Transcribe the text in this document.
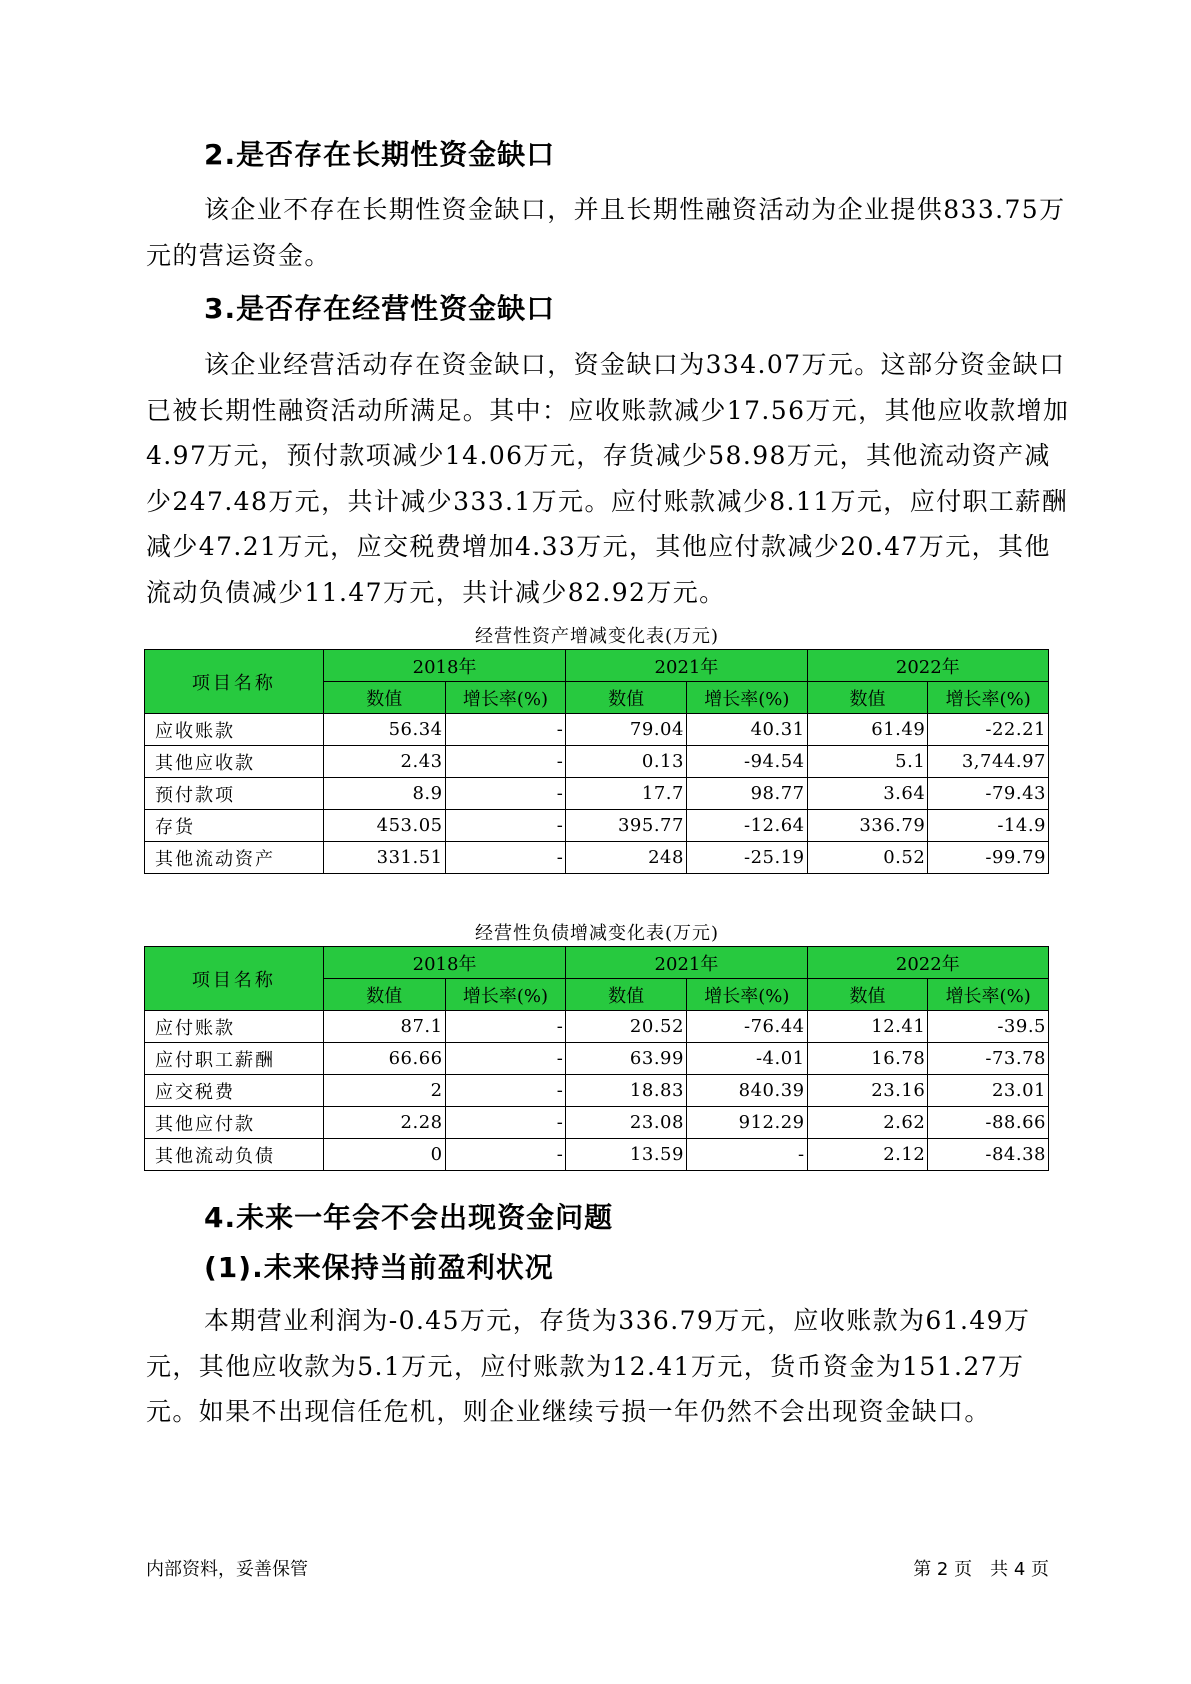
2.是否存在长期性资金缺口

该企业不存在长期性资金缺口，并且长期性融资活动为企业提供833.75万元的营运资金。

3.是否存在经营性资金缺口

该企业经营活动存在资金缺口，资金缺口为334.07万元。这部分资金缺口已被长期性融资活动所满足。其中：应收账款减少17.56万元，其他应收款增加4.97万元，预付款项减少14.06万元，存货减少58.98万元，其他流动资产减少247.48万元，共计减少333.1万元。应付账款减少8.11万元，应付职工薪酬减少47.21万元，应交税费增加4.33万元，其他应付款减少20.47万元，其他流动负债减少11.47万元，共计减少82.92万元。

经营性资产增减变化表(万元)
项目名称	2018年		2021年		2022年	
	数值	增长率(%)	数值	增长率(%)	数值	增长率(%)
应收账款	56.34	-	79.04	40.31	61.49	-22.21
其他应收款	2.43	-	0.13	-94.54	5.1	3,744.97
预付款项	8.9	-	17.7	98.77	3.64	-79.43
存货	453.05	-	395.77	-12.64	336.79	-14.9
其他流动资产	331.51	-	248	-25.19	0.52	-99.79
经营性负债增减变化表(万元)
项目名称	2018年		2021年		2022年	
	数值	增长率(%)	数值	增长率(%)	数值	增长率(%)
应付账款	87.1	-	20.52	-76.44	12.41	-39.5
应付职工薪酬	66.66	-	63.99	-4.01	16.78	-73.78
应交税费	2	-	18.83	840.39	23.16	23.01
其他应付款	2.28	-	23.08	912.29	2.62	-88.66
其他流动负债	0	-	13.59	-	2.12	-84.38
4.未来一年会不会出现资金问题
(1).未来保持当前盈利状况

本期营业利润为-0.45万元，存货为336.79万元，应收账款为61.49万元，其他应收款为5.1万元，应付账款为12.41万元，货币资金为151.27万元。如果不出现信任危机，则企业继续亏损一年仍然不会出现资金缺口。

内部资料，妥善保管	第 2 页　共 4 页
